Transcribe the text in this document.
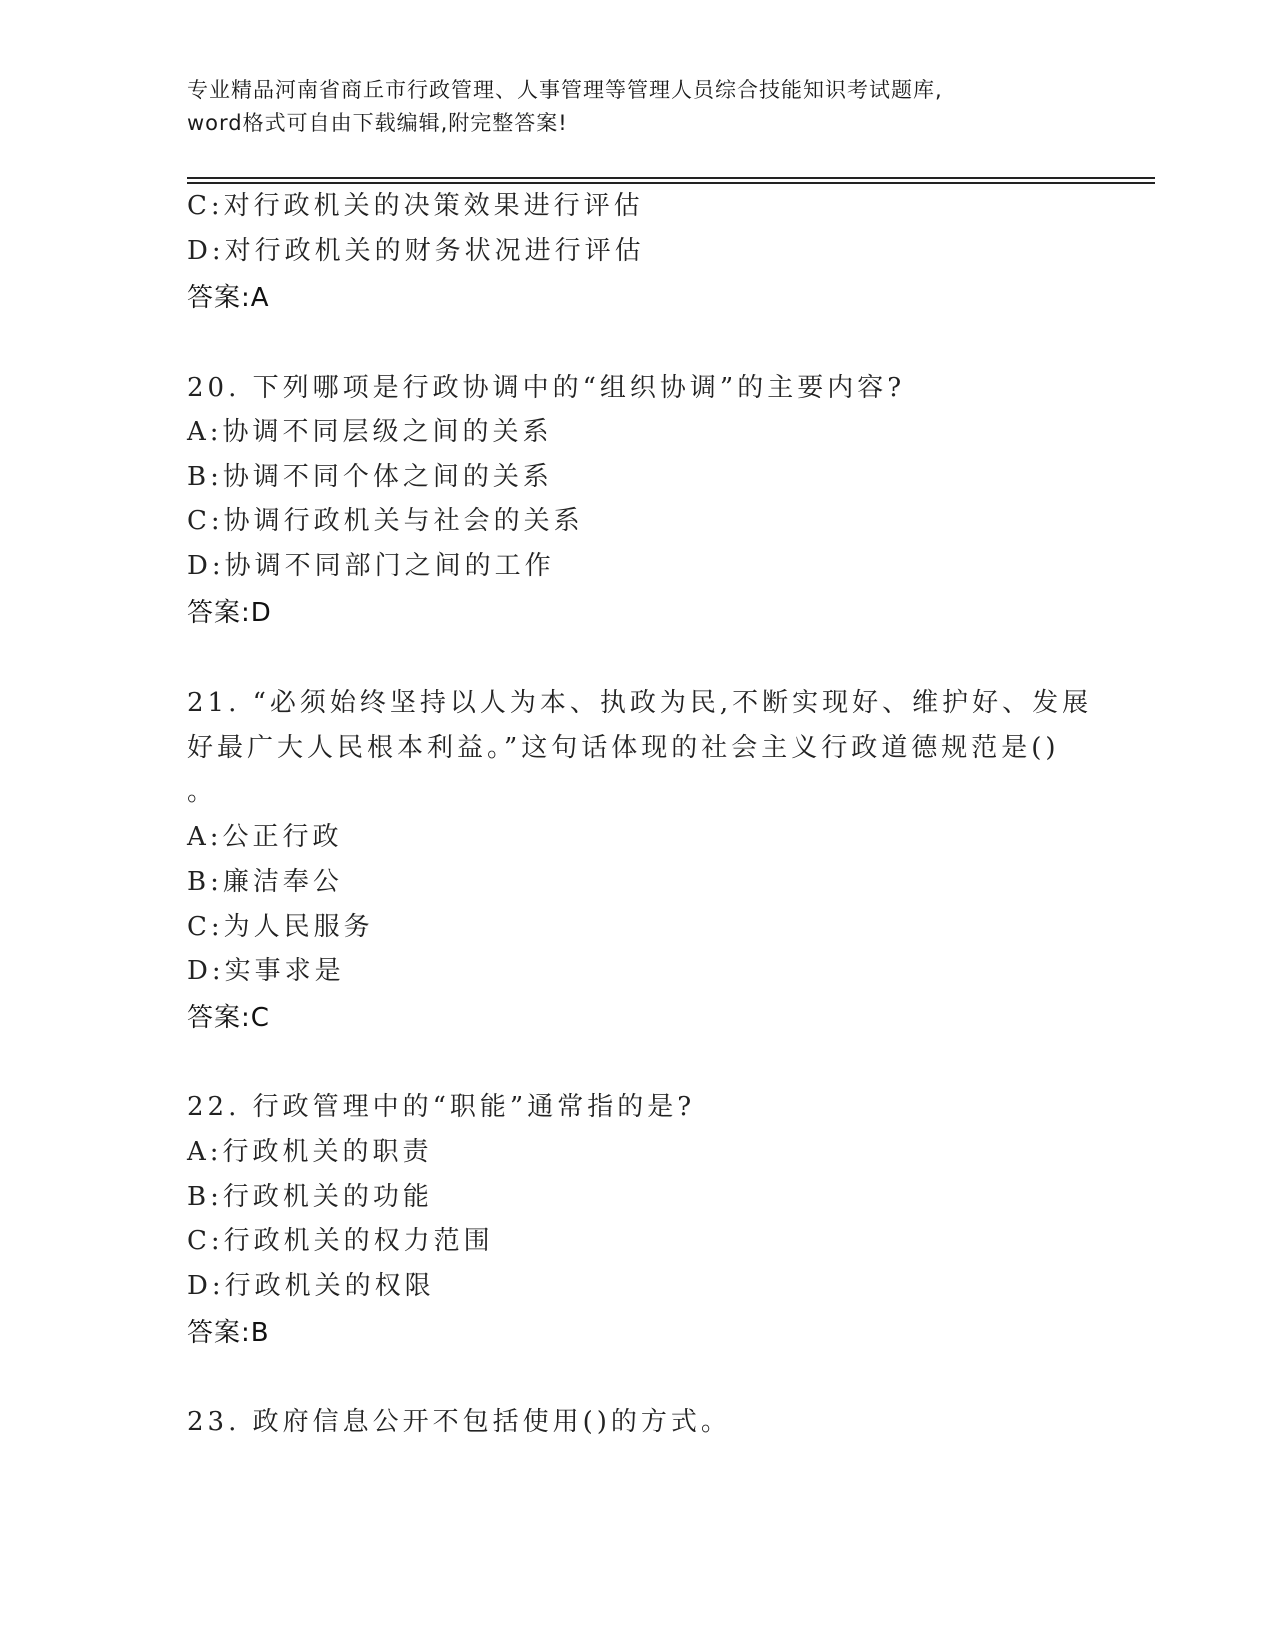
专业精品河南省商丘市行政管理、人事管理等管理人员综合技能知识考试题库,
word格式可自由下载编辑,附完整答案!
C:对行政机关的决策效果进行评估
D:对行政机关的财务状况进行评估
答案:A
20. 下列哪项是行政协调中的“组织协调”的主要内容?
A:协调不同层级之间的关系
B:协调不同个体之间的关系
C:协调行政机关与社会的关系
D:协调不同部门之间的工作
答案:D
21. “必须始终坚持以人为本、执政为民,不断实现好、维护好、发展
好最广大人民根本利益。”这句话体现的社会主义行政道德规范是()
。
A:公正行政
B:廉洁奉公
C:为人民服务
D:实事求是
答案:C
22. 行政管理中的“职能”通常指的是?
A:行政机关的职责
B:行政机关的功能
C:行政机关的权力范围
D:行政机关的权限
答案:B
23. 政府信息公开不包括使用()的方式。
